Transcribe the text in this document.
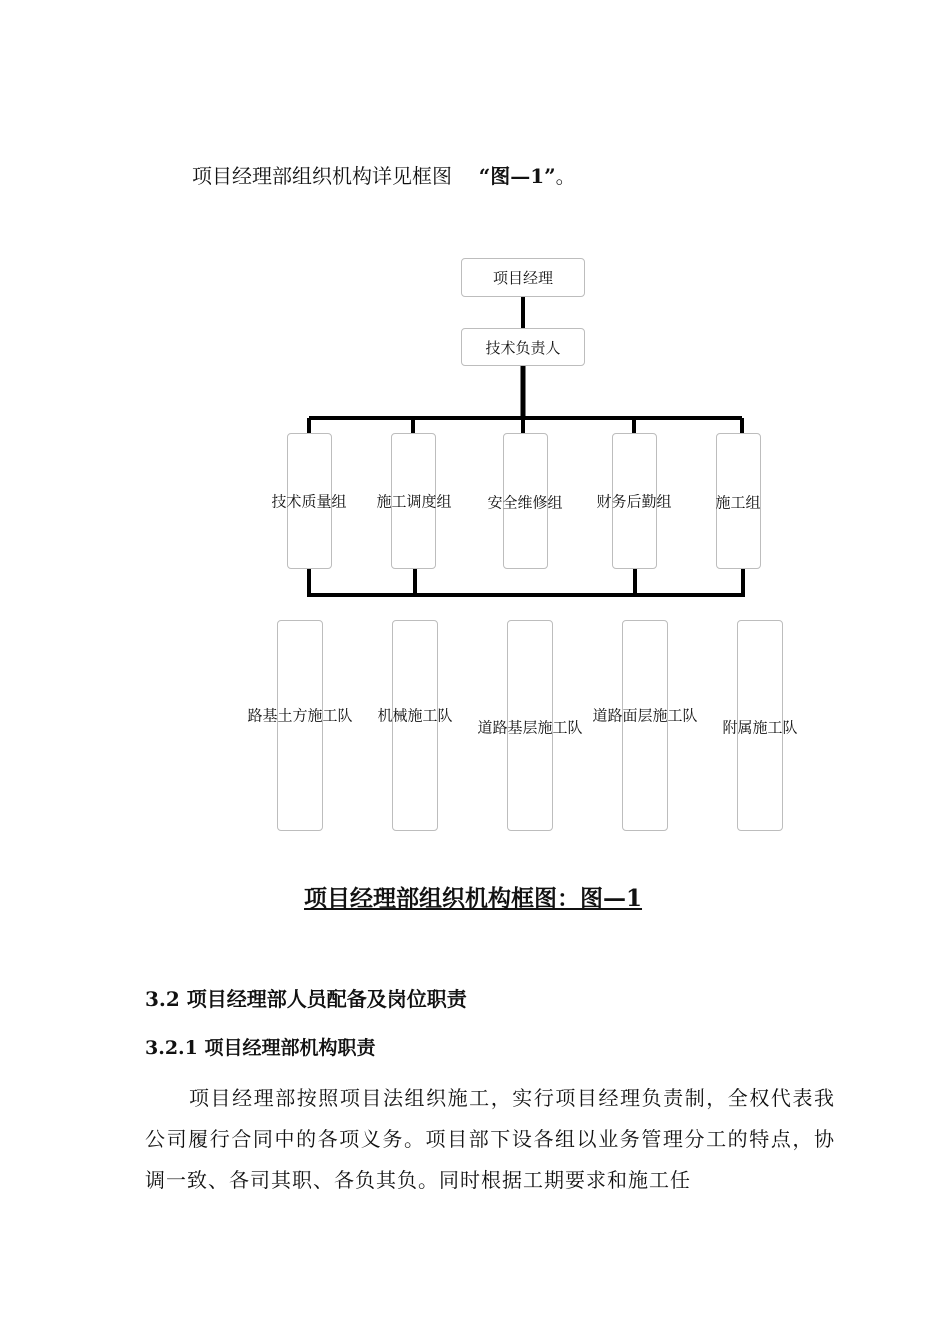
项目经理部组织机构详见框图 “图—1”。
项目经理
技术负责人
技术质量组 施工调度组 安全维修组 财务后勤组	施工组
路基土方施工队 机械施工队
道路基层施工队
道路面层施工队
附属施工队
项目经理部组织机构框图：图—1
3.2 项目经理部人员配备及岗位职责
3.2.1 项目经理部机构职责
项目经理部按照项目法组织施工，实行项目经理负责制，全权代表我公司履行合同中的各项义务。项目部下设各组以业务管理分工的特点，协调一致、各司其职、各负其负。同时根据工期要求和施工任
